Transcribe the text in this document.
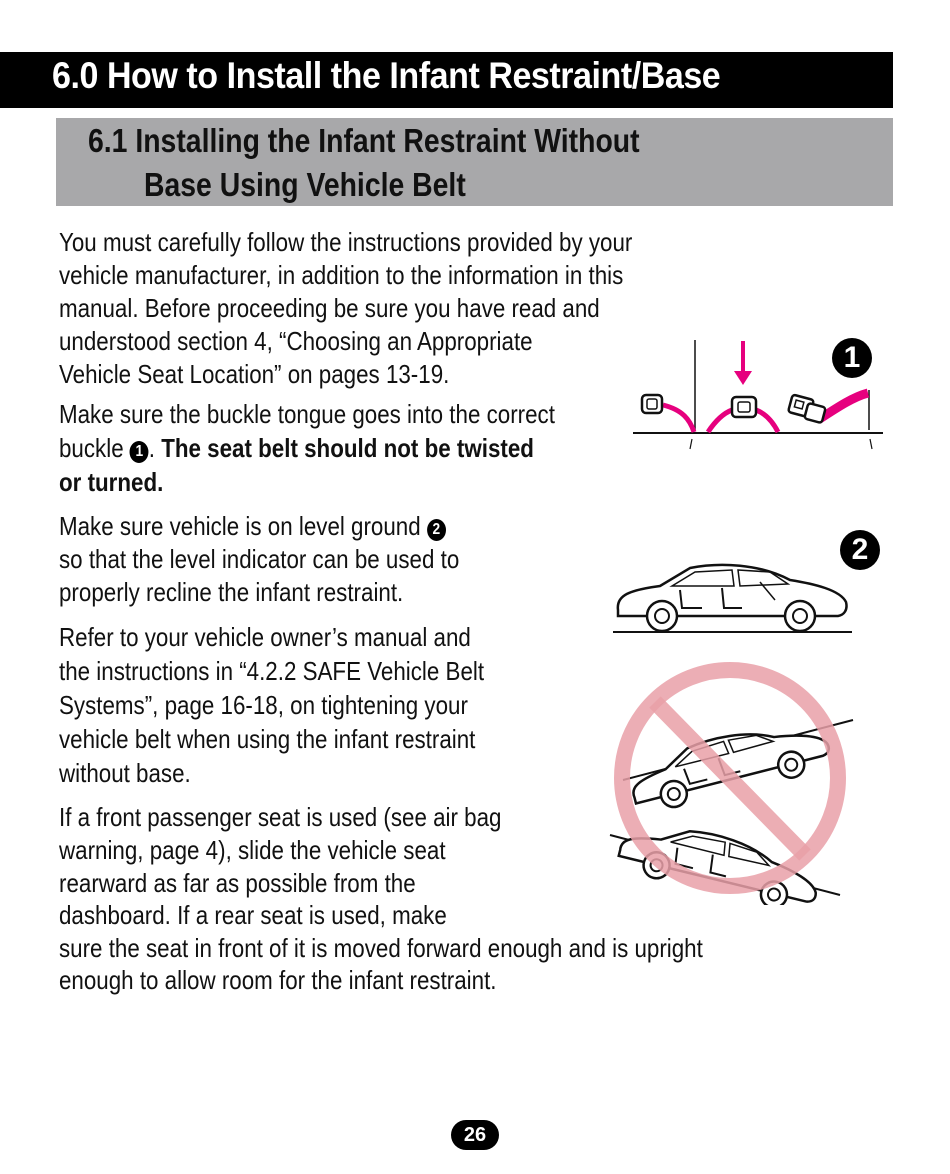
6.0 How to Install the Infant Restraint/Base
6.1 Installing the Infant Restraint Without
Base Using Vehicle Belt
You must carefully follow the instructions provided by your
vehicle manufacturer, in addition to the information in this
manual. Before proceeding be sure you have read and
understood section 4, “Choosing an Appropriate
Vehicle Seat Location” on pages 13-19.
Make sure the buckle tongue goes into the correct
buckle 1 . The seat belt should not be twisted
or turned.
Make sure vehicle is on level ground 2
so that the level indicator can be used to
properly recline the infant restraint.
Refer to your vehicle owner’s manual and
the instructions in “4.2.2 SAFE Vehicle Belt
Systems”, page 16-18, on tightening your
vehicle belt when using the infant restraint
without base.
If a front passenger seat is used (see air bag
warning, page 4), slide the vehicle seat
rearward as far as possible from the
dashboard. If a rear seat is used, make
sure the seat in front of it is moved forward enough and is upright
enough to allow room for the infant restraint.
1
2
26
